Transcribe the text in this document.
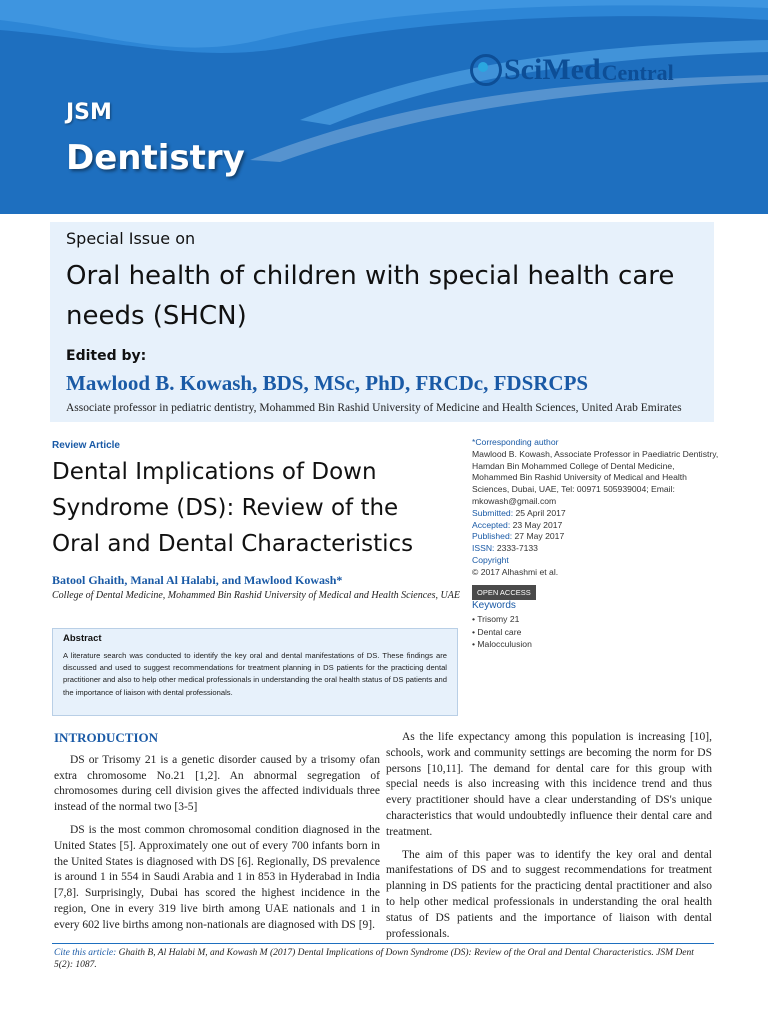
SciMed Central
JSM
Dentistry
Special Issue on
Oral health of children with special health care needs (SHCN)
Edited by:
Mawlood B. Kowash, BDS, MSc, PhD, FRCDc, FDSRCPS
Associate professor in pediatric dentistry, Mohammed Bin Rashid University of Medicine and Health Sciences, United Arab Emirates
Review Article
Dental Implications of Down Syndrome (DS): Review of the Oral and Dental Characteristics
Batool Ghaith, Manal Al Halabi, and Mawlood Kowash*
College of Dental Medicine, Mohammed Bin Rashid University of Medical and Health Sciences, UAE

Abstract

A literature search was conducted to identify the key oral and dental manifestations of DS. These findings are discussed and used to suggest recommendations for treatment planning in DS patients for the practicing dental practitioner and also to help other medical professionals in understanding the oral health status of DS patients and the importance of liaison with dental professionals.

*Corresponding author

Mawlood B. Kowash, Associate Professor in Paediatric Dentistry, Hamdan Bin Mohammed College of Dental Medicine, Mohammed Bin Rashid University of Medical and Health Sciences, Dubai, UAE, Tel: 00971 505939004; Email: mkowash@gmail.com

Submitted: 25 April 2017

Accepted: 23 May 2017

Published: 27 May 2017

ISSN: 2333-7133

Copyright

© 2017 Alhashmi et al.

OPEN ACCESS

Keywords

• Trisomy 21
• Dental care
• Malocculusion
INTRODUCTION

DS or Trisomy 21 is a genetic disorder caused by a trisomy ofan extra chromosome No.21 [1,2]. An abnormal segregation of chromosomes during cell division gives the affected individuals three instead of the normal two [3-5]

DS is the most common chromosomal condition diagnosed in the United States [5]. Approximately one out of every 700 infants born in the United States is diagnosed with DS [6]. Regionally, DS prevalence is around 1 in 554 in Saudi Arabia and 1 in 853 in Hyderabad in India [7,8]. Surprisingly, Dubai has scored the highest incidence in the region, One in every 319 live birth among UAE nationals and 1 in every 602 live births among non-nationals are diagnosed with DS [9].

As the life expectancy among this population is increasing [10], schools, work and community settings are becoming the norm for DS persons [10,11]. The demand for dental care for this group with special needs is also increasing with this incidence trend and thus every practitioner should have a clear understanding of DS's unique characteristics that would undoubtedly influence their dental care and treatment.

The aim of this paper was to identify the key oral and dental manifestations of DS and to suggest recommendations for treatment planning in DS patients for the practicing dental practitioner and also to help other medical professionals in understanding the oral health status of DS patients and the importance of liaison with dental professionals.

Cite this article: Ghaith B, Al Halabi M, and Kowash M (2017) Dental Implications of Down Syndrome (DS): Review of the Oral and Dental Characteristics. JSM Dent 5(2): 1087.
